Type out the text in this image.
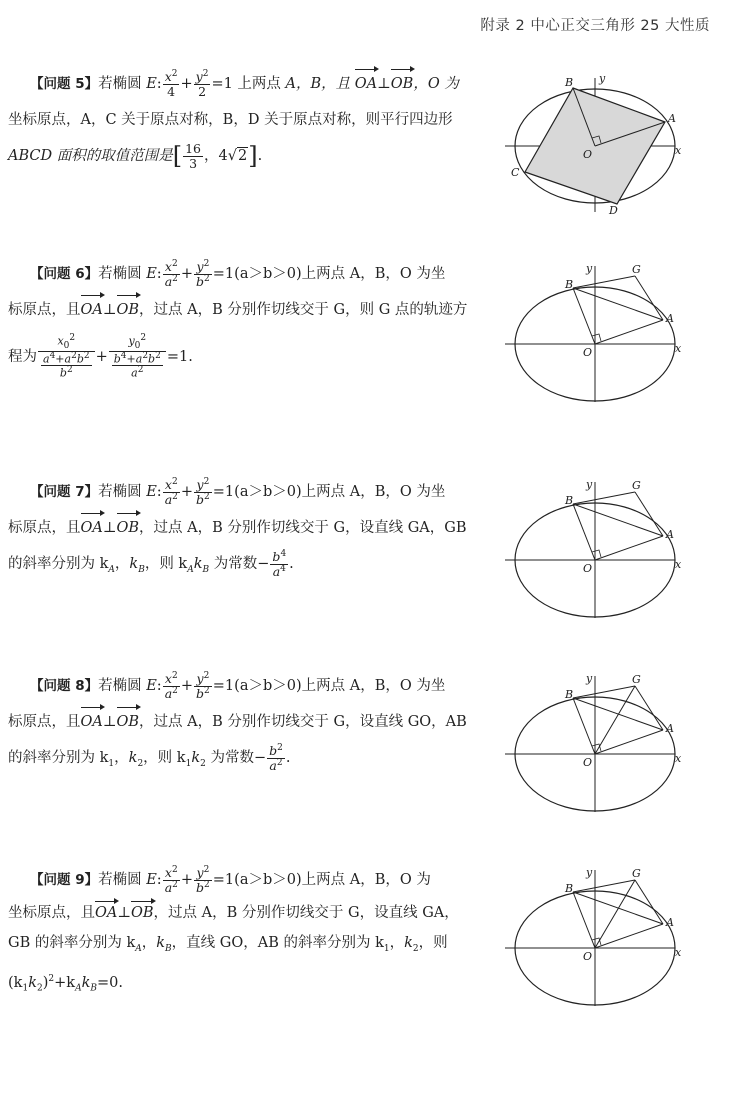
附录 2 中心正交三角形 25 大性质

【问题 5】若椭圆 E: $\frac{x^2}{4} + \frac{y^2}{2} =1$ 上两点 A，B，且 OA⊥OB，O 为

坐标原点，A，C 关于原点对称，B，D 关于原点对称，则平行四边形

ABCD 面积的取值范围是[ $\frac{16}{3}$ ，4√2].

【问题 6】若椭圆 E: $\frac{x^2}{a^2} + \frac{y^2}{b^2} =1(a>b>0)$上两点 A，B，O 为坐

标原点，且OA⊥OB，过点 A，B 分别作切线交于 G，则 G 点的轨迹方

程为 $\frac{x_0^2}{\frac{a^4+a^2b^2}{b^2}} + \frac{y_0^2}{\frac{b^4+a^2b^2}{a^2}} =1$.

【问题 7】若椭圆 E: $\frac{x^2}{a^2} + \frac{y^2}{b^2} =1(a>b>0)$上两点 A，B，O 为坐

标原点，且OA⊥OB，过点 A，B 分别作切线交于 G，设直线 GA，GB

的斜率分别为 $k_A$，$k_B$，则 $k_Ak_B$ 为常数− $\frac{b^4}{a^4}$ .

【问题 8】若椭圆 E: $\frac{x^2}{a^2} + \frac{y^2}{b^2} =1(a>b>0)$上两点 A，B，O 为坐

标原点，且OA⊥OB，过点 A，B 分别作切线交于 G，设直线 GO，AB

的斜率分别为 $k_1$，$k_2$，则 $k_1k_2$ 为常数− $\frac{b^2}{a^2}$ .

【问题 9】若椭圆 E: $\frac{x^2}{a^2} + \frac{y^2}{b^2} =1(a>b>0)$上两点 A，B，O 为

坐标原点，且OA⊥OB，过点 A，B 分别作切线交于 G，设直线 GA，

GB 的斜率分别为 $k_A$，$k_B$，直线 GO，AB 的斜率分别为 $k_1$，$k_2$，则

$(k_1k_2)^2+k_Ak_B=0$.

B y
A
O	x
C
D
B
y	G
A
O	x
B
y	G
A
O	x
B
y	G
A
O	x
B
y	G
A
O	x
